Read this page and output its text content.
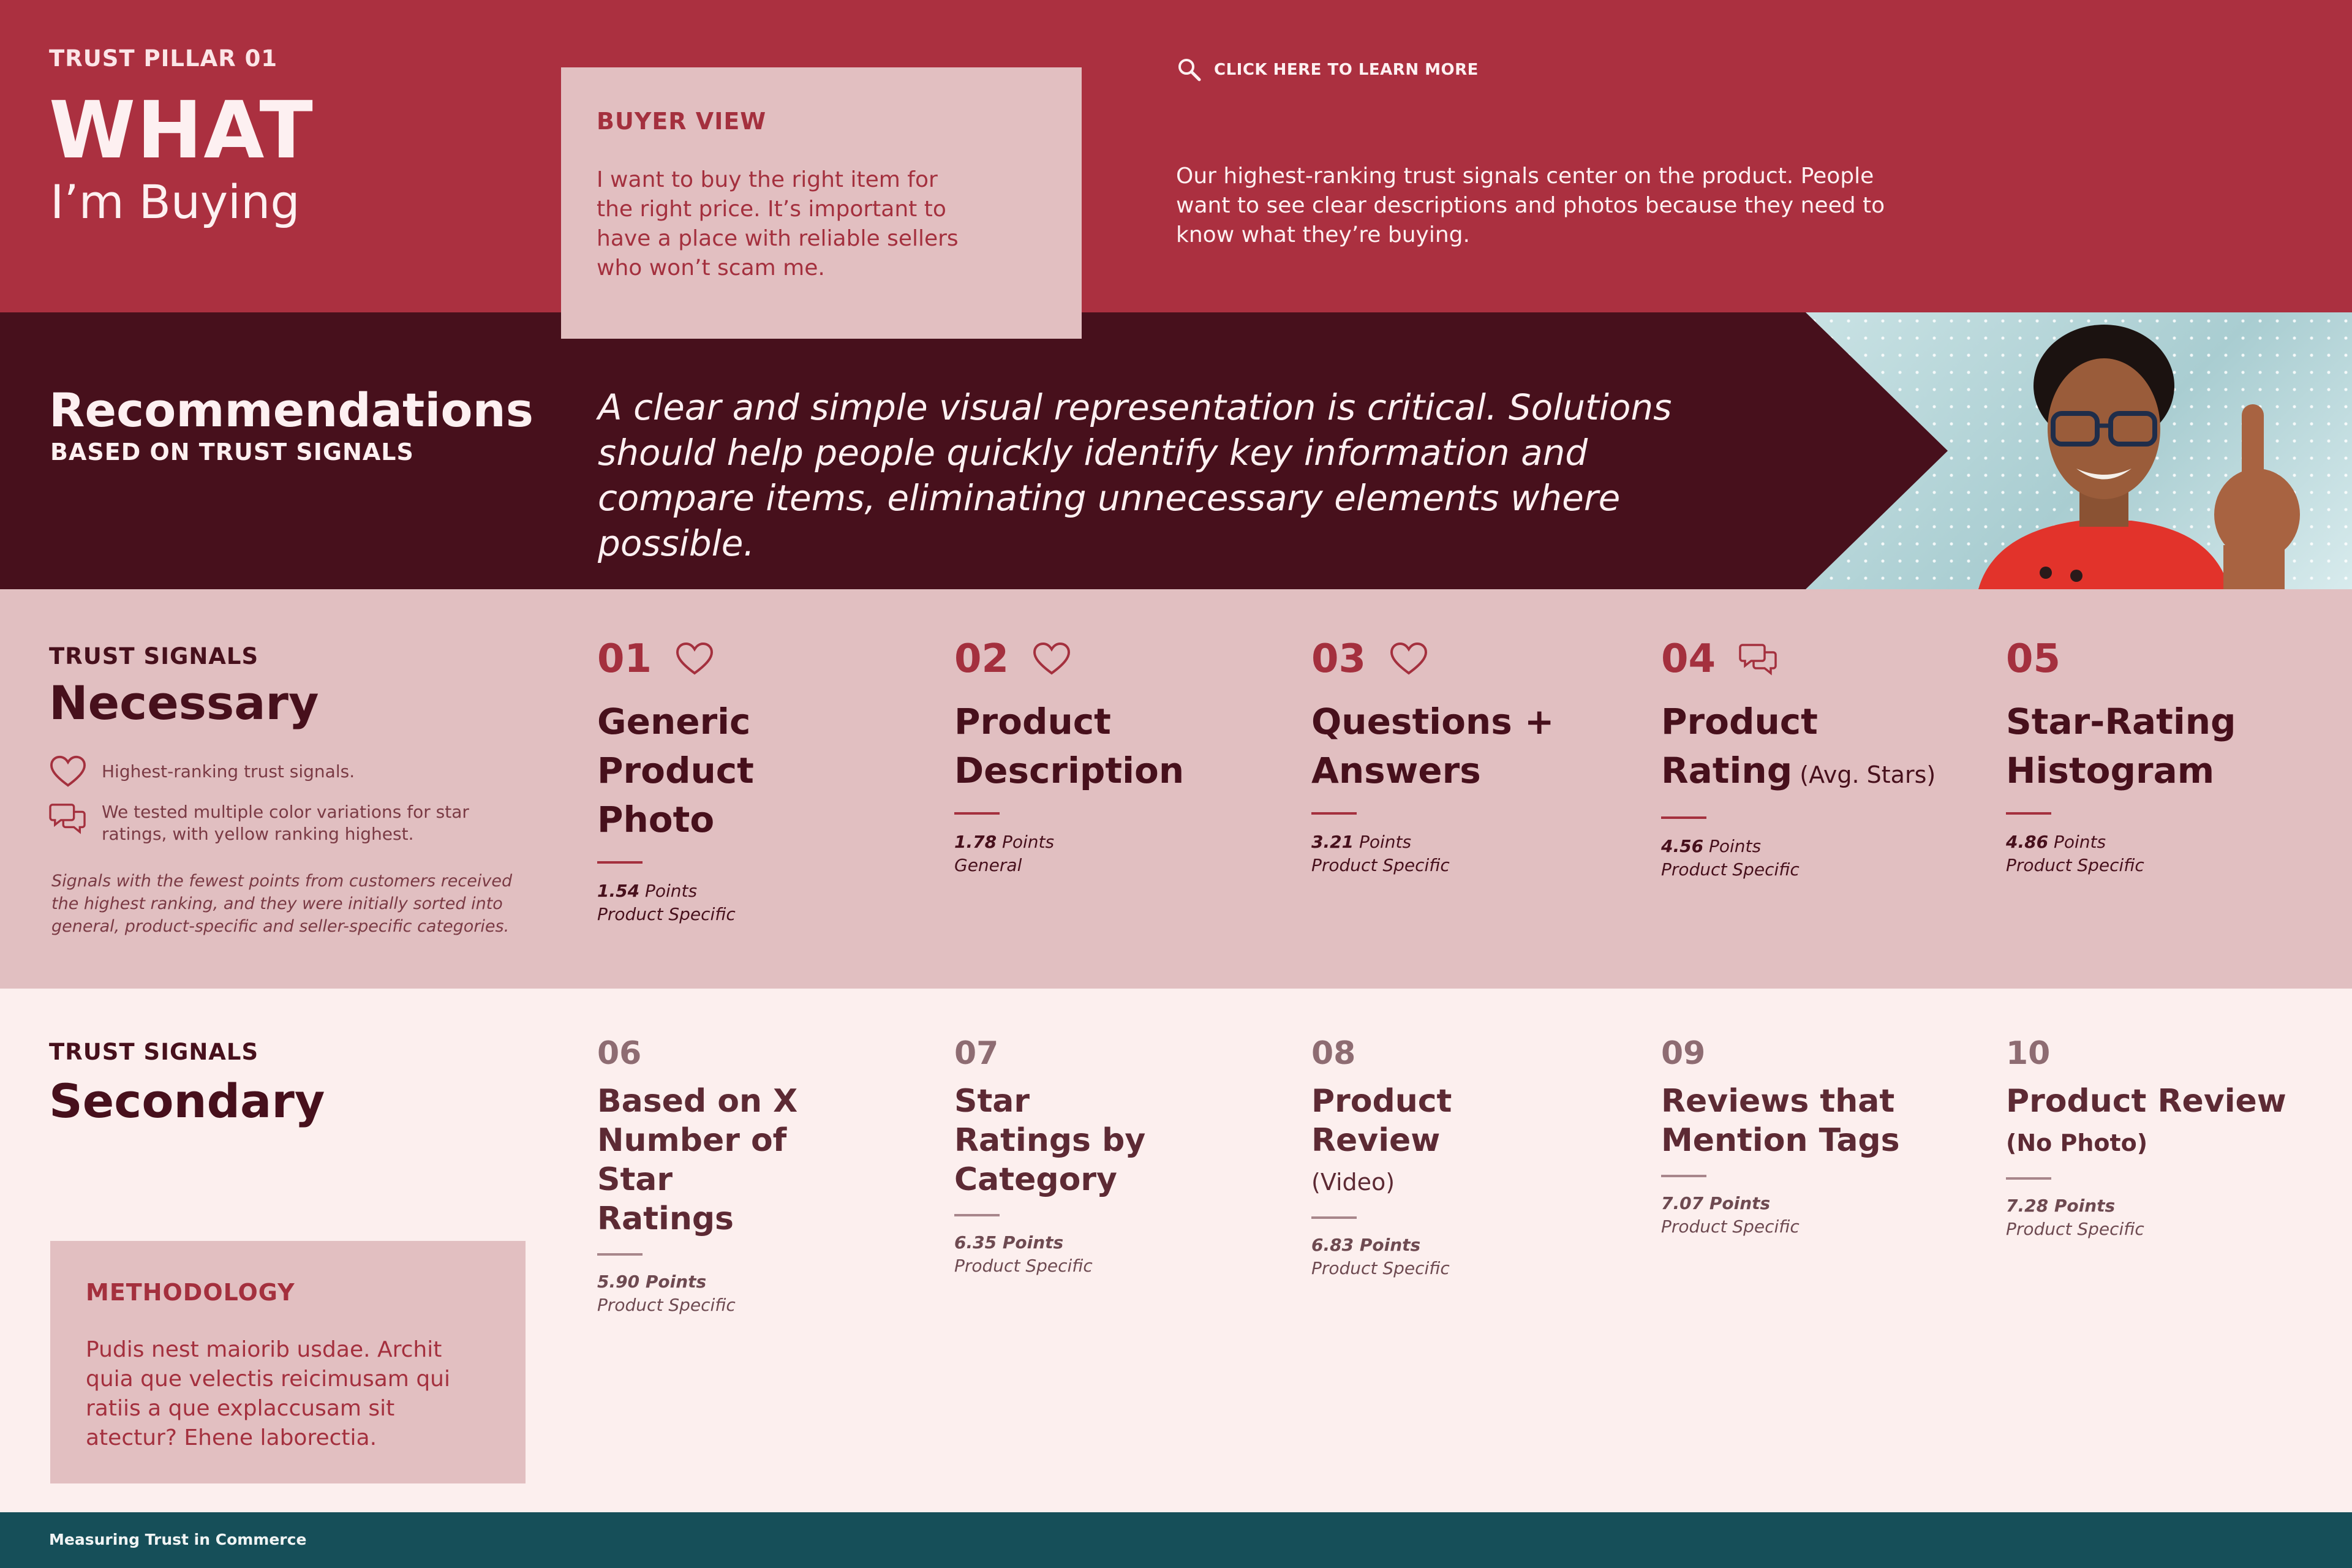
TRUST PILLAR 01
WHAT
I’m Buying
CLICK HERE TO LEARN MORE
Our highest-ranking trust signals center on the product. People want to see clear descriptions and photos because they need to know what they’re buying.
BUYER VIEW
I want to buy the right item for the right price. It’s important to have a place with reliable sellers who won’t scam me.
Recommendations
BASED ON TRUST SIGNALS
A clear and simple visual representation is critical. Solutions should help people quickly identify key information and compare items, eliminating unnecessary elements where possible.
TRUST SIGNALS
Necessary
Highest-ranking trust signals.
We tested multiple color variations for star ratings, with yellow ranking highest.
Signals with the fewest points from customers received the highest ranking, and they were initially sorted into general, product-specific and seller-specific categories.
01
Generic Product Photo
1.54 Points
Product Specific
02
Product Description
1.78 Points
General
03
Questions + Answers
3.21 Points
Product Specific
04
Product
Rating (Avg. Stars)
4.56 Points
Product Specific
05
Star-Rating Histogram
4.86 Points
Product Specific
TRUST SIGNALS
Secondary
06
Based on X Number of Star Ratings
5.90 Points
Product Specific
07
Star Ratings by Category
6.35 Points
Product Specific
08
Product Review
(Video)
6.83 Points
Product Specific
09
Reviews that Mention Tags
7.07 Points
Product Specific
10
Product Review
(No Photo)
7.28 Points
Product Specific
METHODOLOGY
Pudis nest maiorib usdae. Archit quia que velectis reicimusam qui ratiis a que explaccusam sit atectur? Ehene laborectia.
Measuring Trust in Commerce
